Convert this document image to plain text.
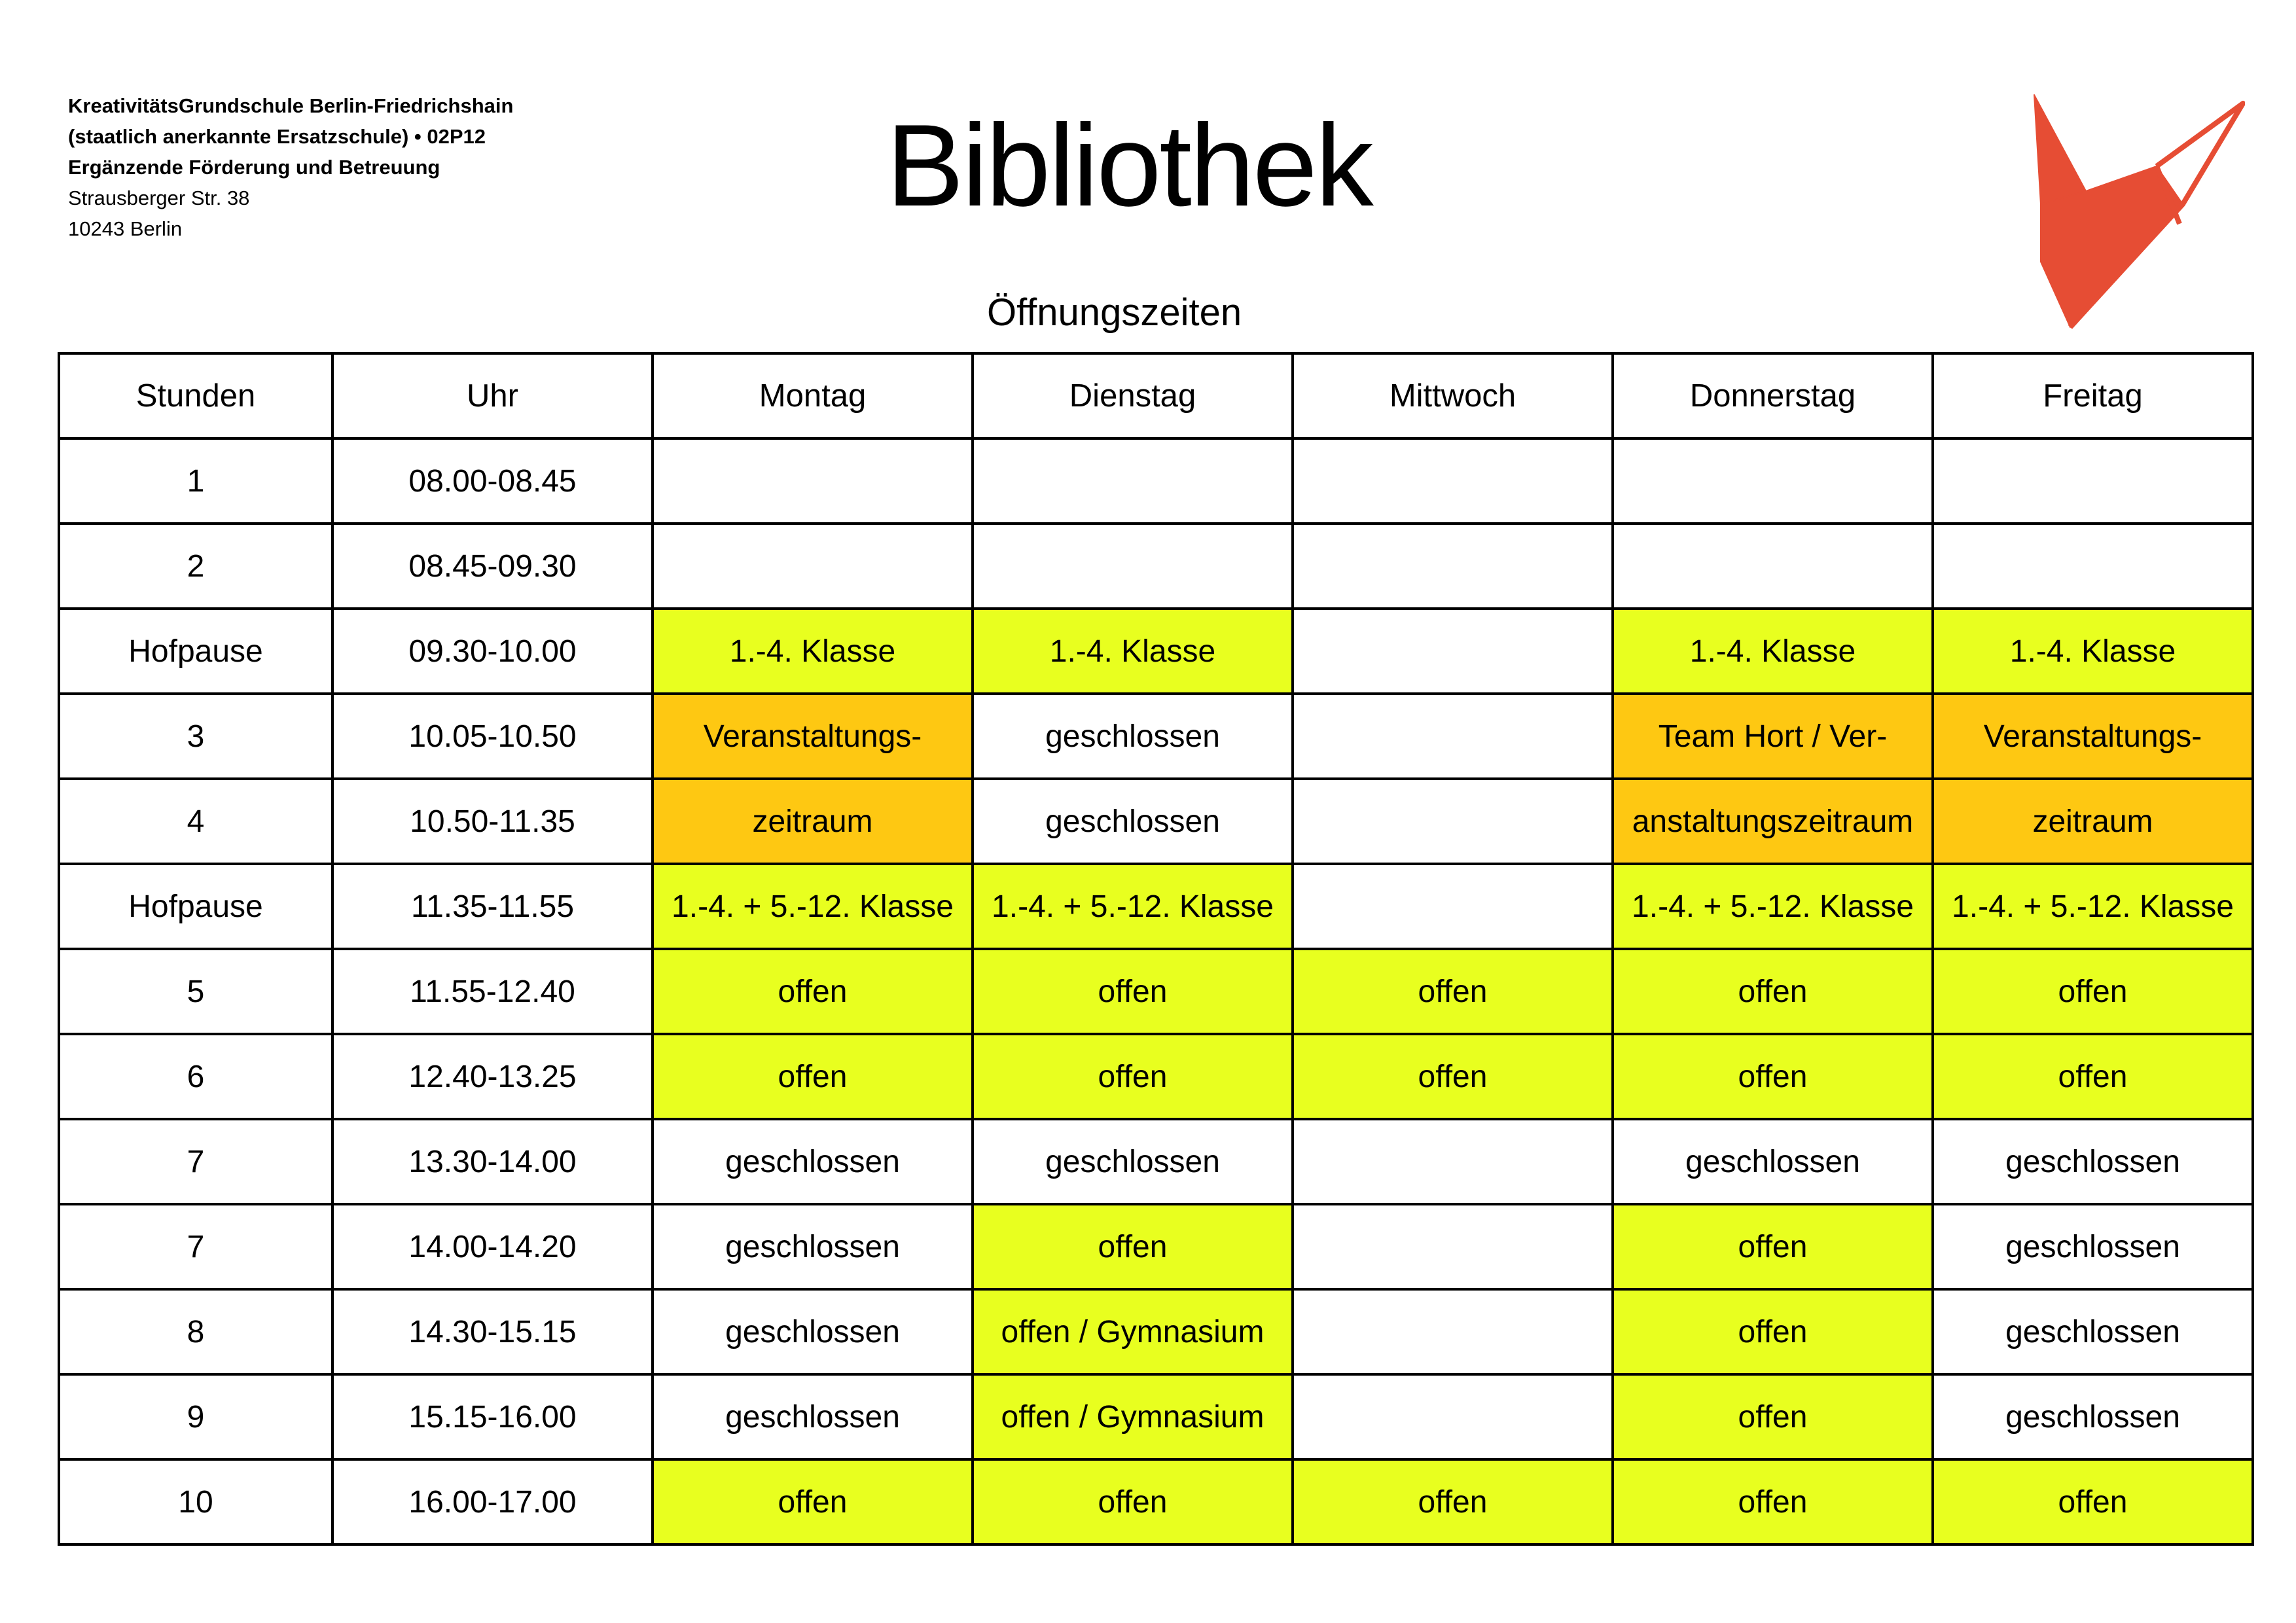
KreativitätsGrundschule Berlin-Friedrichshain
(staatlich anerkannte Ersatzschule) • 02P12
Ergänzende Förderung und Betreuung
Strausberger Str. 38
10243 Berlin	Bibliothek
Öffnungszeiten
Stunden	Uhr	Montag	Dienstag	Mittwoch	Donnerstag	Freitag
1	08.00-08.45					
2	08.45-09.30					
Hofpause	09.30-10.00	1.-4. Klasse	1.-4. Klasse		1.-4. Klasse	1.-4. Klasse
3	10.05-10.50	Veranstaltungs-	geschlossen		Team Hort / Ver-	Veranstaltungs-
4	10.50-11.35	zeitraum	geschlossen		anstaltungszeitraum	zeitraum
Hofpause	11.35-11.55	1.-4. + 5.-12. Klasse	1.-4. + 5.-12. Klasse		1.-4. + 5.-12. Klasse	1.-4. + 5.-12. Klasse
5	11.55-12.40	offen	offen	offen	offen	offen
6	12.40-13.25	offen	offen	offen	offen	offen
7	13.30-14.00	geschlossen	geschlossen		geschlossen	geschlossen
7	14.00-14.20	geschlossen	offen		offen	geschlossen
8	14.30-15.15	geschlossen	offen / Gymnasium		offen	geschlossen
9	15.15-16.00	geschlossen	offen / Gymnasium		offen	geschlossen
10	16.00-17.00	offen	offen	offen	offen	offen
